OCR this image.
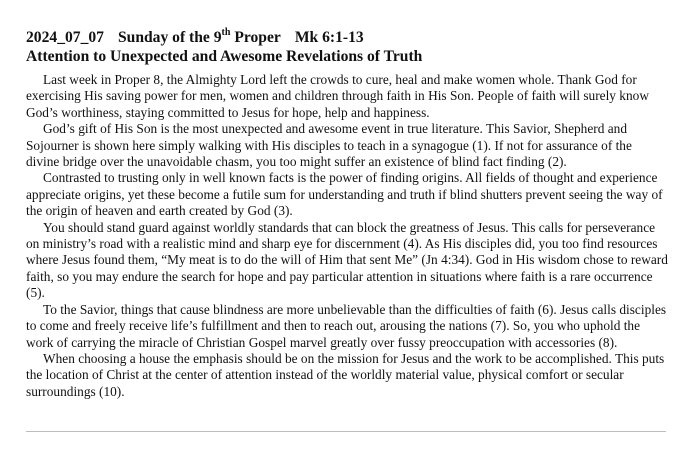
2024_07_07 Sunday of the 9th Proper Mk 6:1-13
Attention to Unexpected and Awesome Revelations of Truth

Last week in Proper 8, the Almighty Lord left the crowds to cure, heal and make women whole. Thank God for exercising His saving power for men, women and children through faith in His Son. People of faith will surely know God’s worthiness, staying committed to Jesus for hope, help and happiness.

God’s gift of His Son is the most unexpected and awesome event in true literature. This Savior, Shepherd and Sojourner is shown here simply walking with His disciples to teach in a synagogue (1). If not for assurance of the divine bridge over the unavoidable chasm, you too might suffer an existence of blind fact finding (2).

Contrasted to trusting only in well known facts is the power of finding origins. All fields of thought and experience appreciate origins, yet these become a futile sum for understanding and truth if blind shutters prevent seeing the way of the origin of heaven and earth created by God (3).

You should stand guard against worldly standards that can block the greatness of Jesus. This calls for perseverance on ministry’s road with a realistic mind and sharp eye for discernment (4). As His disciples did, you too find resources where Jesus found them, “My meat is to do the will of Him that sent Me” (Jn 4:34). God in His wisdom chose to reward faith, so you may endure the search for hope and pay particular attention in situations where faith is a rare occurrence (5).

To the Savior, things that cause blindness are more unbelievable than the difficulties of faith (6). Jesus calls disciples to come and freely receive life’s fulfillment and then to reach out, arousing the nations (7). So, you who uphold the work of carrying the miracle of Christian Gospel marvel greatly over fussy preoccupation with accessories (8).

When choosing a house the emphasis should be on the mission for Jesus and the work to be accomplished. This puts the location of Christ at the center of attention instead of the worldly material value, physical comfort or secular surroundings (10).
